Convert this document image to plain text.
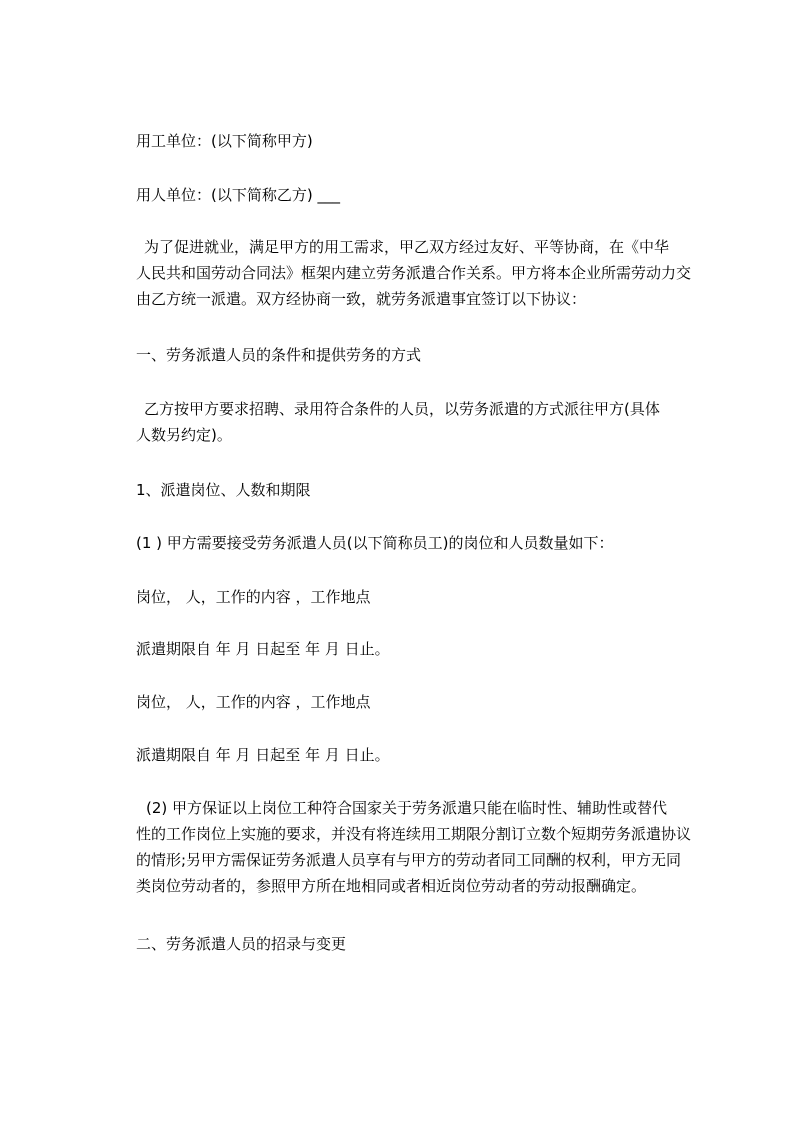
用工单位：(以下简称甲方)
用人单位：(以下简称乙方) ___
为了促进就业，满足甲方的用工需求，甲乙双方经过友好、平等协商，在《中华
人民共和国劳动合同法》框架内建立劳务派遣合作关系。甲方将本企业所需劳动力交
由乙方统一派遣。双方经协商一致，就劳务派遣事宜签订以下协议：
一、劳务派遣人员的条件和提供劳务的方式
乙方按甲方要求招聘、录用符合条件的人员，以劳务派遣的方式派往甲方(具体
人数另约定)。
1、派遣岗位、人数和期限
(1 ) 甲方需要接受劳务派遣人员(以下简称员工)的岗位和人员数量如下：
岗位， 人，工作的内容 ，工作地点
派遣期限自 年 月 日起至 年 月 日止。
岗位， 人，工作的内容 ，工作地点
派遣期限自 年 月 日起至 年 月 日止。
(2) 甲方保证以上岗位工种符合国家关于劳务派遣只能在临时性、辅助性或替代
性的工作岗位上实施的要求，并没有将连续用工期限分割订立数个短期劳务派遣协议
的情形;另甲方需保证劳务派遣人员享有与甲方的劳动者同工同酬的权利，甲方无同
类岗位劳动者的，参照甲方所在地相同或者相近岗位劳动者的劳动报酬确定。
二、劳务派遣人员的招录与变更
